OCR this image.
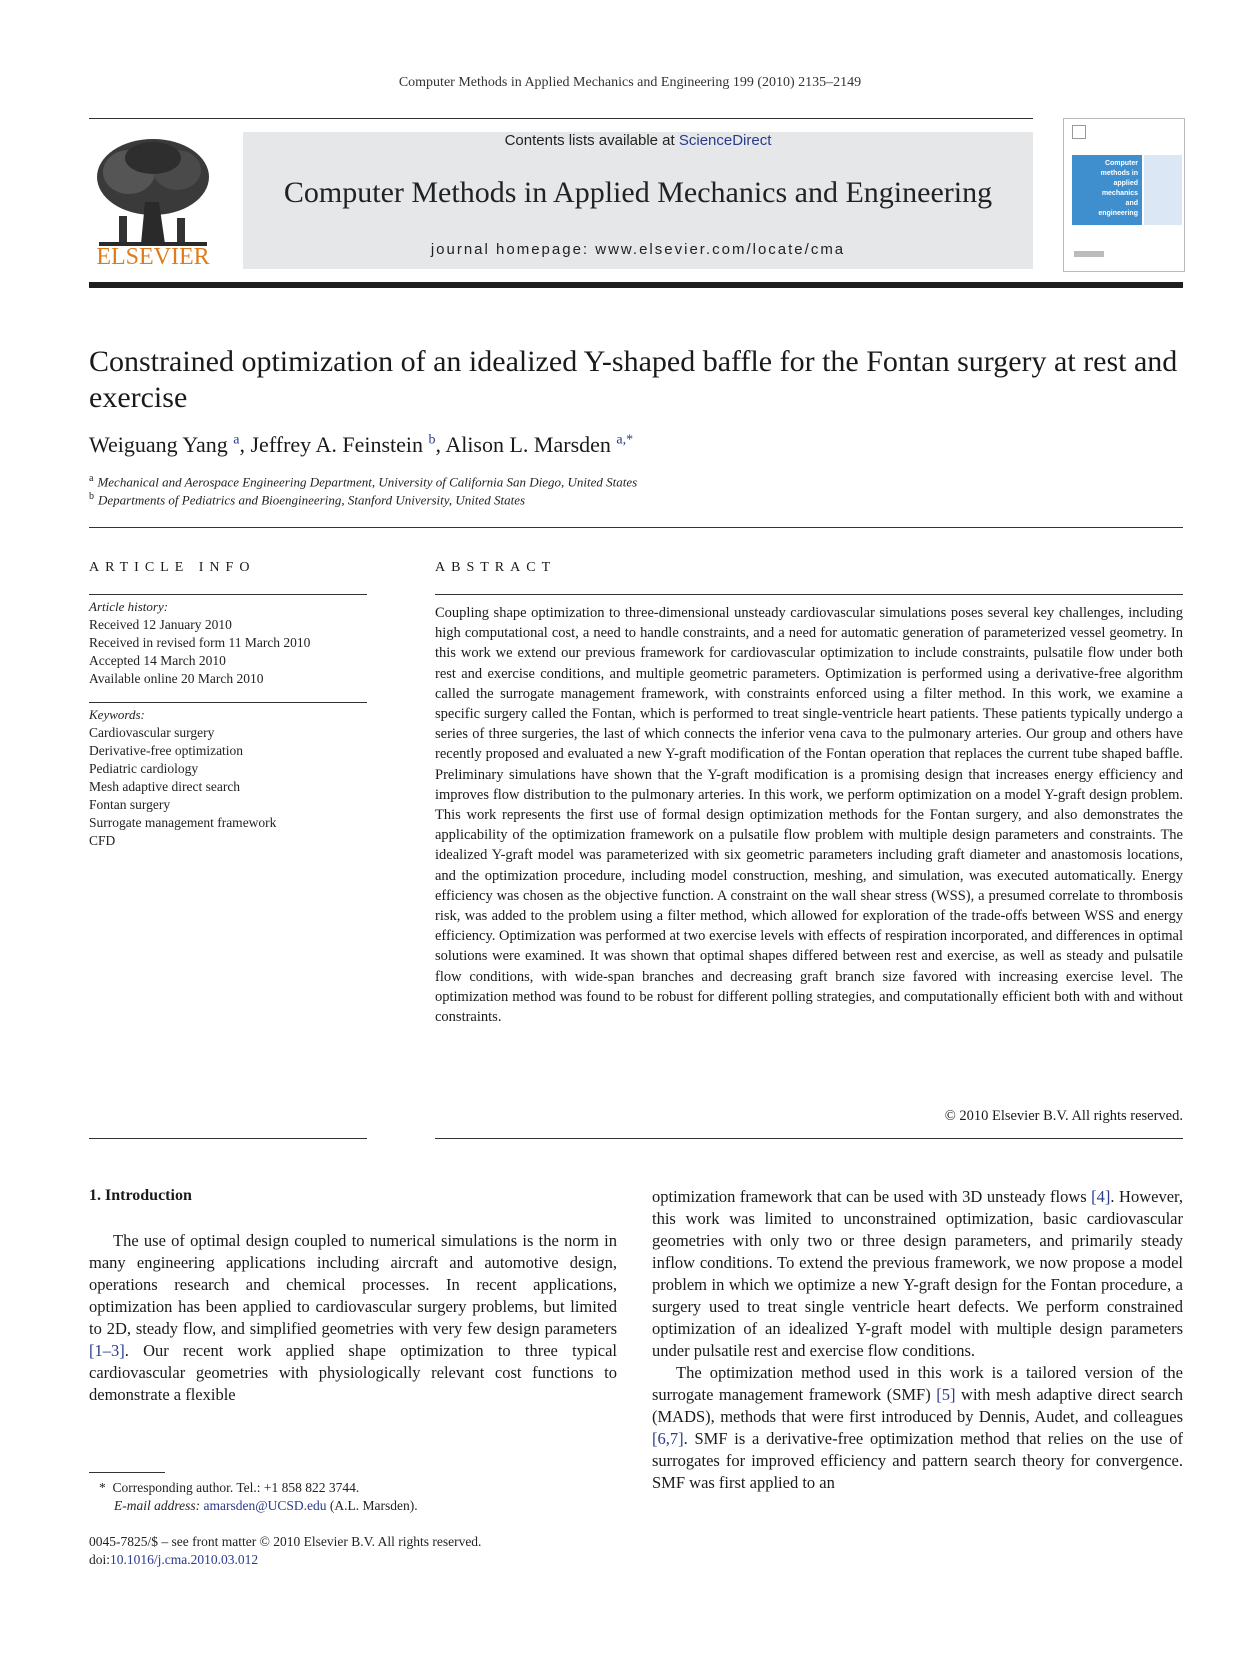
Computer Methods in Applied Mechanics and Engineering 199 (2010) 2135–2149
ELSEVIER
Contents lists available at ScienceDirect
Computer Methods in Applied Mechanics and Engineering
journal homepage: www.elsevier.com/locate/cma
Computer
methods in
applied
mechanics
and
engineering
Constrained optimization of an idealized Y-shaped baffle for the Fontan surgery at rest and exercise
Weiguang Yang $^a$, Jeffrey A. Feinstein $^b$, Alison L. Marsden $^{a,*}$
$^a$ Mechanical and Aerospace Engineering Department, University of California San Diego, United States
$^b$ Departments of Pediatrics and Bioengineering, Stanford University, United States
ARTICLE INFO
Article history:
Received 12 January 2010
Received in revised form 11 March 2010
Accepted 14 March 2010
Available online 20 March 2010
Keywords:
Cardiovascular surgery
Derivative-free optimization
Pediatric cardiology
Mesh adaptive direct search
Fontan surgery
Surrogate management framework
CFD
ABSTRACT
Coupling shape optimization to three-dimensional unsteady cardiovascular simulations poses several key challenges, including high computational cost, a need to handle constraints, and a need for automatic generation of parameterized vessel geometry. In this work we extend our previous framework for cardiovascular optimization to include constraints, pulsatile flow under both rest and exercise conditions, and multiple geometric parameters. Optimization is performed using a derivative-free algorithm called the surrogate management framework, with constraints enforced using a filter method. In this work, we examine a specific surgery called the Fontan, which is performed to treat single-ventricle heart patients. These patients typically undergo a series of three surgeries, the last of which connects the inferior vena cava to the pulmonary arteries. Our group and others have recently proposed and evaluated a new Y-graft modification of the Fontan operation that replaces the current tube shaped baffle. Preliminary simulations have shown that the Y-graft modification is a promising design that increases energy efficiency and improves flow distribution to the pulmonary arteries. In this work, we perform optimization on a model Y-graft design problem. This work represents the first use of formal design optimization methods for the Fontan surgery, and also demonstrates the applicability of the optimization framework on a pulsatile flow problem with multiple design parameters and constraints. The idealized Y-graft model was parameterized with six geometric parameters including graft diameter and anastomosis locations, and the optimization procedure, including model construction, meshing, and simulation, was executed automatically. Energy efficiency was chosen as the objective function. A constraint on the wall shear stress (WSS), a presumed correlate to thrombosis risk, was added to the problem using a filter method, which allowed for exploration of the trade-offs between WSS and energy efficiency. Optimization was performed at two exercise levels with effects of respiration incorporated, and differences in optimal solutions were examined. It was shown that optimal shapes differed between rest and exercise, as well as steady and pulsatile flow conditions, with wide-span branches and decreasing graft branch size favored with increasing exercise level. The optimization method was found to be robust for different polling strategies, and computationally efficient both with and without constraints.
© 2010 Elsevier B.V. All rights reserved.
1. Introduction

The use of optimal design coupled to numerical simulations is the norm in many engineering applications including aircraft and automotive design, operations research and chemical processes. In recent applications, optimization has been applied to cardiovascular surgery problems, but limited to 2D, steady flow, and simplified geometries with very few design parameters [1–3]. Our recent work applied shape optimization to three typical cardiovascular geometries with physiologically relevant cost functions to demonstrate a flexible

optimization framework that can be used with 3D unsteady flows [4]. However, this work was limited to unconstrained optimization, basic cardiovascular geometries with only two or three design parameters, and primarily steady inflow conditions. To extend the previous framework, we now propose a model problem in which we optimize a new Y-graft design for the Fontan procedure, a surgery used to treat single ventricle heart defects. We perform constrained optimization of an idealized Y-graft model with multiple design parameters under pulsatile rest and exercise flow conditions.

The optimization method used in this work is a tailored version of the surrogate management framework (SMF) [5] with mesh adaptive direct search (MADS), methods that were first introduced by Dennis, Audet, and colleagues [6,7]. SMF is a derivative-free optimization method that relies on the use of surrogates for improved efficiency and pattern search theory for convergence. SMF was first applied to an

* Corresponding author. Tel.: +1 858 822 3744.
E-mail address: amarsden@UCSD.edu (A.L. Marsden).
0045-7825/$ – see front matter © 2010 Elsevier B.V. All rights reserved.
doi:10.1016/j.cma.2010.03.012
